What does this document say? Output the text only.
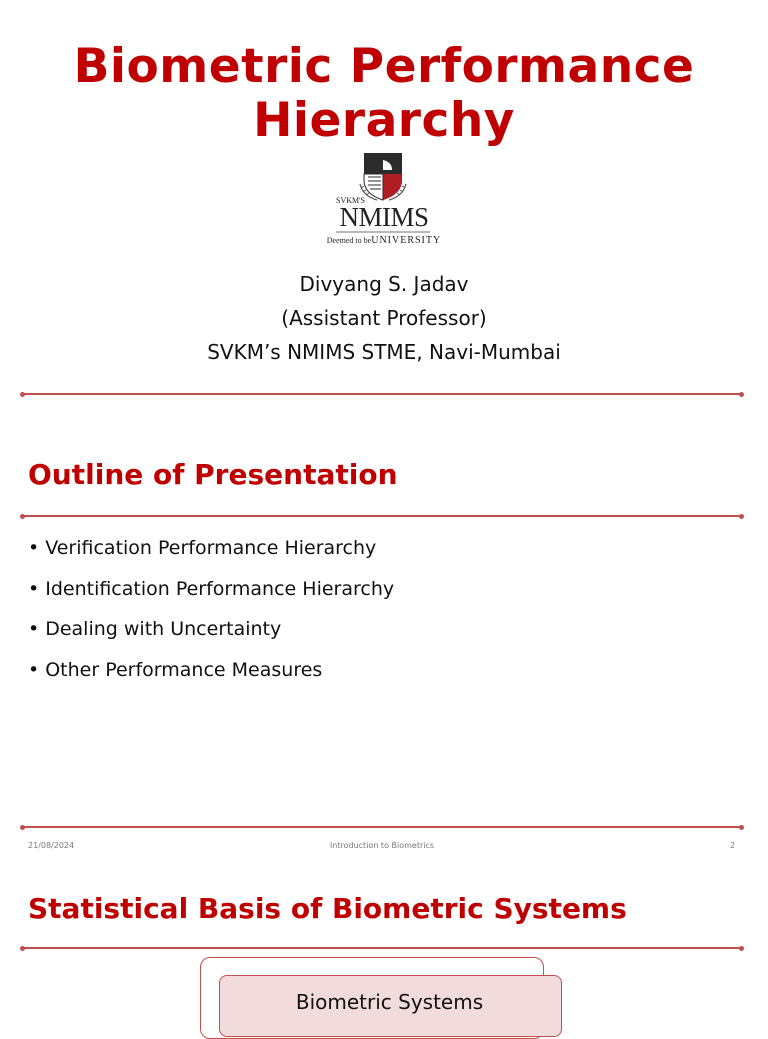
Biometric Performance Hierarchy
SVKM'S
NMIMS
Deemed to beUNIVERSITY
Divyang S. Jadav
(Assistant Professor)
SVKM’s NMIMS STME, Navi-Mumbai
Outline of Presentation
• Verification Performance Hierarchy
• Identification Performance Hierarchy
• Dealing with Uncertainty
• Other Performance Measures
21/08/2024	Introduction to Biometrics	2
Statistical Basis of Biometric Systems
Biometric Systems
